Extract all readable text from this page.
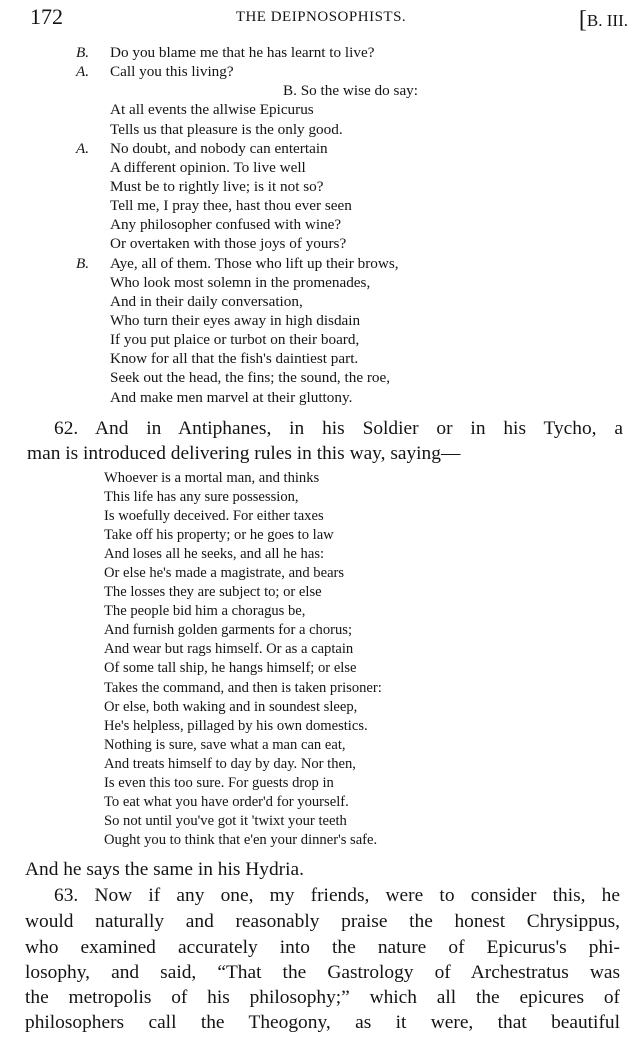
172	THE DEIPNOSOPHISTS.	[B. III.
B. Do you blame me that he has learnt to live?
A. Call you this living?
B. So the wise do say:
At all events the allwise Epicurus
Tells us that pleasure is the only good.
A. No doubt, and nobody can entertain
A different opinion. To live well
Must be to rightly live; is it not so?
Tell me, I pray thee, hast thou ever seen
Any philosopher confused with wine?
Or overtaken with those joys of yours?
B. Aye, all of them. Those who lift up their brows,
Who look most solemn in the promenades,
And in their daily conversation,
Who turn their eyes away in high disdain
If you put plaice or turbot on their board,
Know for all that the fish's daintiest part.
Seek out the head, the fins; the sound, the roe,
And make men marvel at their gluttony.

62. And in Antiphanes, in his Soldier or in his Tycho, a

man is introduced delivering rules in this way, saying—

Whoever is a mortal man, and thinks
This life has any sure possession,
Is woefully deceived. For either taxes
Take off his property; or he goes to law
And loses all he seeks, and all he has:
Or else he's made a magistrate, and bears
The losses they are subject to; or else
The people bid him a choragus be,
And furnish golden garments for a chorus;
And wear but rags himself. Or as a captain
Of some tall ship, he hangs himself; or else
Takes the command, and then is taken prisoner:
Or else, both waking and in soundest sleep,
He's helpless, pillaged by his own domestics.
Nothing is sure, save what a man can eat,
And treats himself to day by day. Nor then,
Is even this too sure. For guests drop in
To eat what you have order'd for yourself.
So not until you've got it 'twixt your teeth
Ought you to think that e'en your dinner's safe.

And he says the same in his Hydria.

63. Now if any one, my friends, were to consider this, he

would naturally and reasonably praise the honest Chrysippus,

who examined accurately into the nature of Epicurus's phi-

losophy, and said, “That the Gastrology of Archestratus was

the metropolis of his philosophy;” which all the epicures of

philosophers call the Theogony, as it were, that beautiful
